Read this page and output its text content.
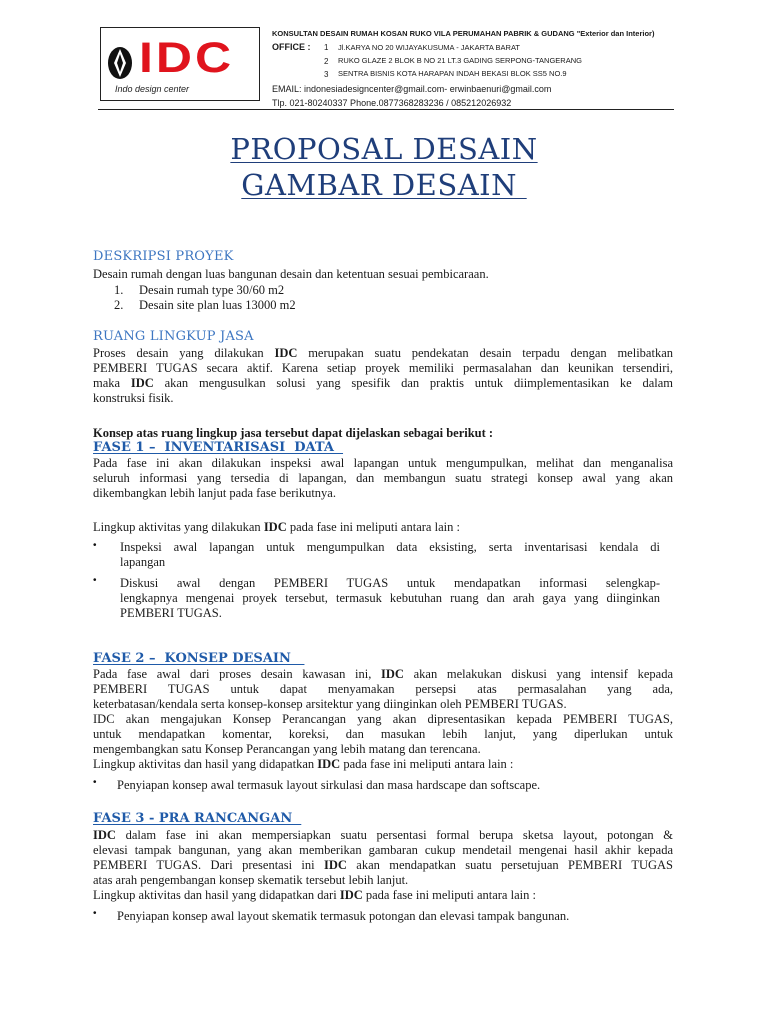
IDC
Indo design center
KONSULTAN DESAIN RUMAH KOSAN RUKO VILA PERUMAHAN PABRIK & GUDANG "Exterior dan Interior)
OFFICE : 1 Jl.KARYA NO 20 WIJAYAKUSUMA - JAKARTA BARAT
2 RUKO GLAZE 2 BLOK B NO 21 LT.3 GADING SERPONG-TANGERANG
3 SENTRA BISNIS KOTA HARAPAN INDAH BEKASI BLOK SS5 NO.9
EMAIL: indonesiadesigncenter@gmail.com- erwinbaenuri@gmail.com
Tlp. 021-80240337 Phone.0877368283236 / 085212026932
PROPOSAL DESAIN
GAMBAR DESAIN
DESKRIPSI PROYEK
Desain rumah dengan luas bangunan desain dan ketentuan sesuai pembicaraan.
1. Desain rumah type 30/60 m2
2. Desain site plan luas 13000 m2
RUANG LINGKUP JASA
Proses desain yang dilakukan IDC merupakan suatu pendekatan desain terpadu dengan melibatkan
PEMBERI TUGAS secara aktif. Karena setiap proyek memiliki permasalahan dan keunikan tersendiri,
maka IDC akan mengusulkan solusi yang spesifik dan praktis untuk diimplementasikan ke dalam
konstruksi fisik.
Konsep atas ruang lingkup jasa tersebut dapat dijelaskan sebagai berikut :
FASE 1 –  INVENTARISASI  DATA
Pada fase ini akan dilakukan inspeksi awal lapangan untuk mengumpulkan, melihat dan menganalisa
seluruh informasi yang tersedia di lapangan, dan membangun suatu strategi konsep awal yang akan
dikembangkan lebih lanjut pada fase berikutnya.
Lingkup aktivitas yang dilakukan IDC pada fase ini meliputi antara lain :
• Inspeksi awal lapangan untuk mengumpulkan data eksisting, serta inventarisasi kendala di
lapangan
• Diskusi awal dengan PEMBERI TUGAS untuk mendapatkan informasi selengkap-
lengkapnya mengenai proyek tersebut, termasuk kebutuhan ruang dan arah gaya yang diinginkan
PEMBERI TUGAS.
FASE 2 –  KONSEP DESAIN
Pada fase awal dari proses desain kawasan ini, IDC akan melakukan diskusi yang intensif kepada
PEMBERI TUGAS untuk dapat menyamakan persepsi atas permasalahan yang ada,
keterbatasan/kendala serta konsep-konsep arsitektur yang diinginkan oleh PEMBERI TUGAS.
IDC akan mengajukan Konsep Perancangan yang akan dipresentasikan kepada PEMBERI TUGAS,
untuk mendapatkan komentar, koreksi, dan masukan lebih lanjut, yang diperlukan untuk
mengembangkan satu Konsep Perancangan yang lebih matang dan terencana.
Lingkup aktivitas dan hasil yang didapatkan IDC pada fase ini meliputi antara lain :
• Penyiapan konsep awal termasuk layout sirkulasi dan masa hardscape dan softscape.
FASE 3 - PRA RANCANGAN
IDC dalam fase ini akan mempersiapkan suatu persentasi formal berupa sketsa layout, potongan &
elevasi tampak bangunan, yang akan memberikan gambaran cukup mendetail mengenai hasil akhir kepada
PEMBERI TUGAS. Dari presentasi ini IDC akan mendapatkan suatu persetujuan PEMBERI TUGAS
atas arah pengembangan konsep skematik tersebut lebih lanjut.
Lingkup aktivitas dan hasil yang didapatkan dari IDC pada fase ini meliputi antara lain :
• Penyiapan konsep awal layout skematik termasuk potongan dan elevasi tampak bangunan.
